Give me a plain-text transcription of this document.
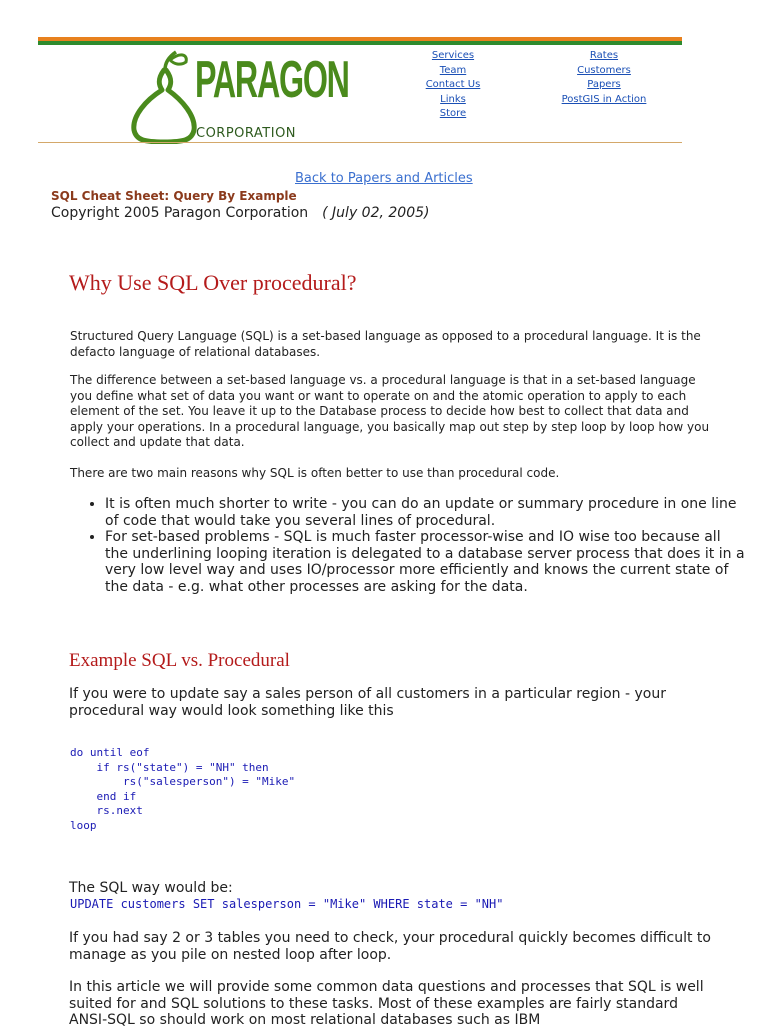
PARAGON
CORPORATION
Services
Team
Contact Us
Links
Store
Rates
Customers
Papers
PostGIS in Action
Back to Papers and Articles
SQL Cheat Sheet: Query By Example
Copyright 2005 Paragon Corporation ( July 02, 2005)
Why Use SQL Over procedural?

Structured Query Language (SQL) is a set-based language as opposed to a procedural language. It is the defacto language of relational databases.

The difference between a set-based language vs. a procedural language is that in a set-based language you define what set of data you want or want to operate on and the atomic operation to apply to each element of the set. You leave it up to the Database process to decide how best to collect that data and apply your operations. In a procedural language, you basically map out step by step loop by loop how you collect and update that data.

There are two main reasons why SQL is often better to use than procedural code.

• It is often much shorter to write - you can do an update or summary procedure in one line of code that would take you several lines of procedural.
• For set-based problems - SQL is much faster processor-wise and IO wise too because all the underlining looping iteration is delegated to a database server process that does it in a very low level way and uses IO/processor more efficiently and knows the current state of the data - e.g. what other processes are asking for the data.
Example SQL vs. Procedural

If you were to update say a sales person of all customers in a particular region - your procedural way would look something like this

do until eof
if rs("state") = "NH" then
rs("salesperson") = "Mike"
end if
rs.next
loop

The SQL way would be:

UPDATE customers SET salesperson = "Mike" WHERE state = "NH"

If you had say 2 or 3 tables you need to check, your procedural quickly becomes difficult to manage as you pile on nested loop after loop.

In this article we will provide some common data questions and processes that SQL is well suited for and SQL solutions to these tasks. Most of these examples are fairly standard ANSI-SQL so should work on most relational databases such as IBM
